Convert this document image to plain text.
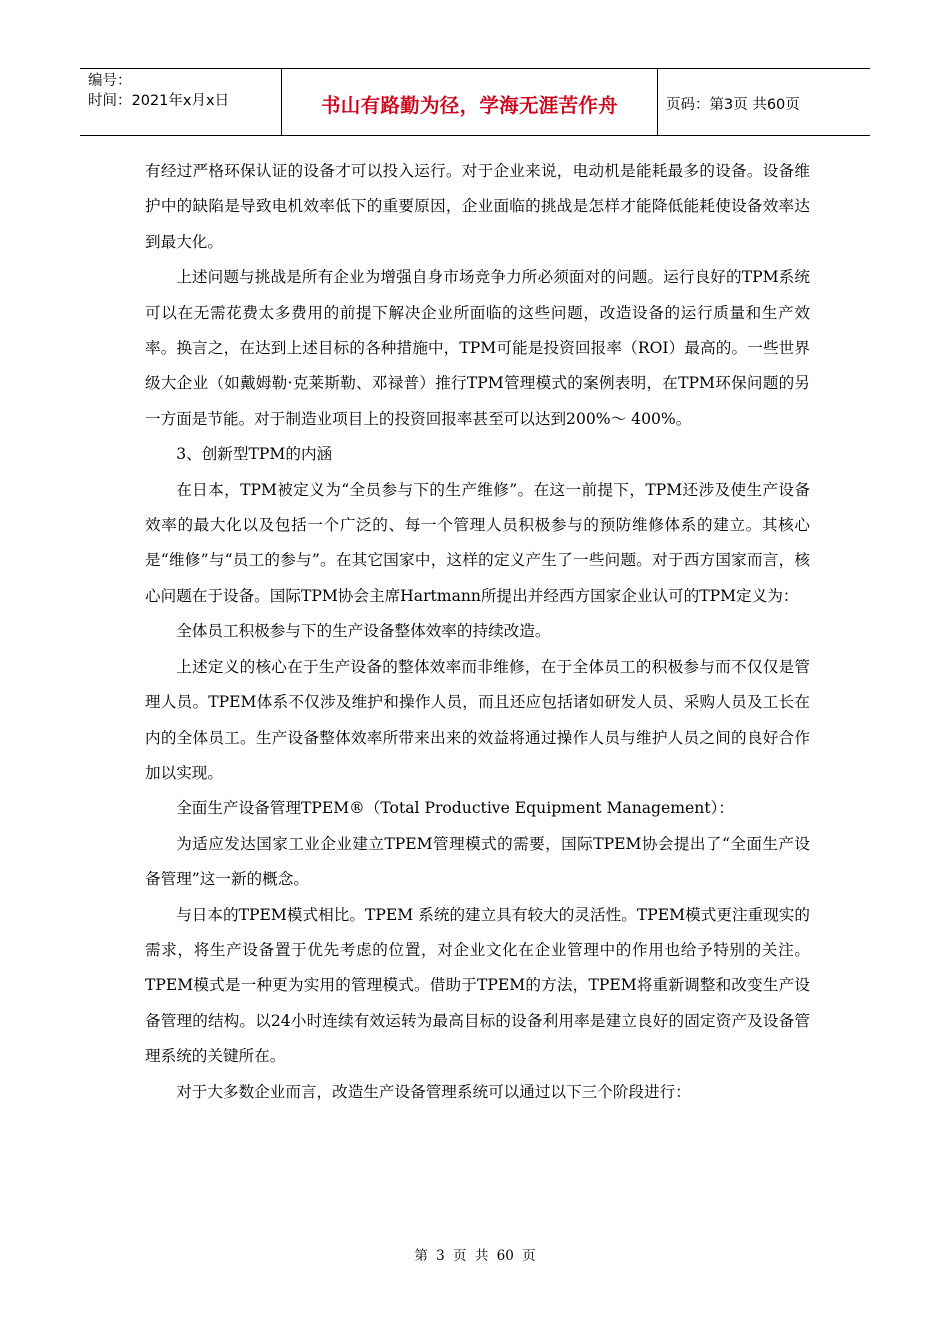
编号：
时间：2021年x月x日	书山有路勤为径，学海无涯苦作舟	页码：第3页 共60页

有经过严格环保认证的设备才可以投入运行。对于企业来说，电动机是能耗最多的设备。设备维护中的缺陷是导致电机效率低下的重要原因，企业面临的挑战是怎样才能降低能耗使设备效率达到最大化。

上述问题与挑战是所有企业为增强自身市场竞争力所必须面对的问题。运行良好的TPM系统可以在无需花费太多费用的前提下解决企业所面临的这些问题，改造设备的运行质量和生产效率。换言之，在达到上述目标的各种措施中，TPM可能是投资回报率（ROI）最高的。一些世界级大企业（如戴姆勒·克莱斯勒、邓禄普）推行TPM管理模式的案例表明，在TPM环保问题的另一方面是节能。对于制造业项目上的投资回报率甚至可以达到200%～ 400%。

3、创新型TPM的内涵

在日本，TPM被定义为“全员参与下的生产维修”。在这一前提下，TPM还涉及使生产设备效率的最大化以及包括一个广泛的、每一个管理人员积极参与的预防维修体系的建立。其核心是“维修”与“员工的参与”。在其它国家中，这样的定义产生了一些问题。对于西方国家而言，核心问题在于设备。国际TPM协会主席Hartmann所提出并经西方国家企业认可的TPM定义为：

全体员工积极参与下的生产设备整体效率的持续改造。

上述定义的核心在于生产设备的整体效率而非维修，在于全体员工的积极参与而不仅仅是管理人员。TPEM体系不仅涉及维护和操作人员，而且还应包括诸如研发人员、采购人员及工长在内的全体员工。生产设备整体效率所带来出来的效益将通过操作人员与维护人员之间的良好合作加以实现。

全面生产设备管理TPEM®（Total Productive Equipment Management）：

为适应发达国家工业企业建立TPEM管理模式的需要，国际TPEM协会提出了“全面生产设备管理”这一新的概念。

与日本的TPEM模式相比。TPEM 系统的建立具有较大的灵活性。TPEM模式更注重现实的需求，将生产设备置于优先考虑的位置，对企业文化在企业管理中的作用也给予特别的关注。TPEM模式是一种更为实用的管理模式。借助于TPEM的方法，TPEM将重新调整和改变生产设备管理的结构。以24小时连续有效运转为最高目标的设备利用率是建立良好的固定资产及设备管理系统的关键所在。

对于大多数企业而言，改造生产设备管理系统可以通过以下三个阶段进行：

第 3 页 共 60 页
